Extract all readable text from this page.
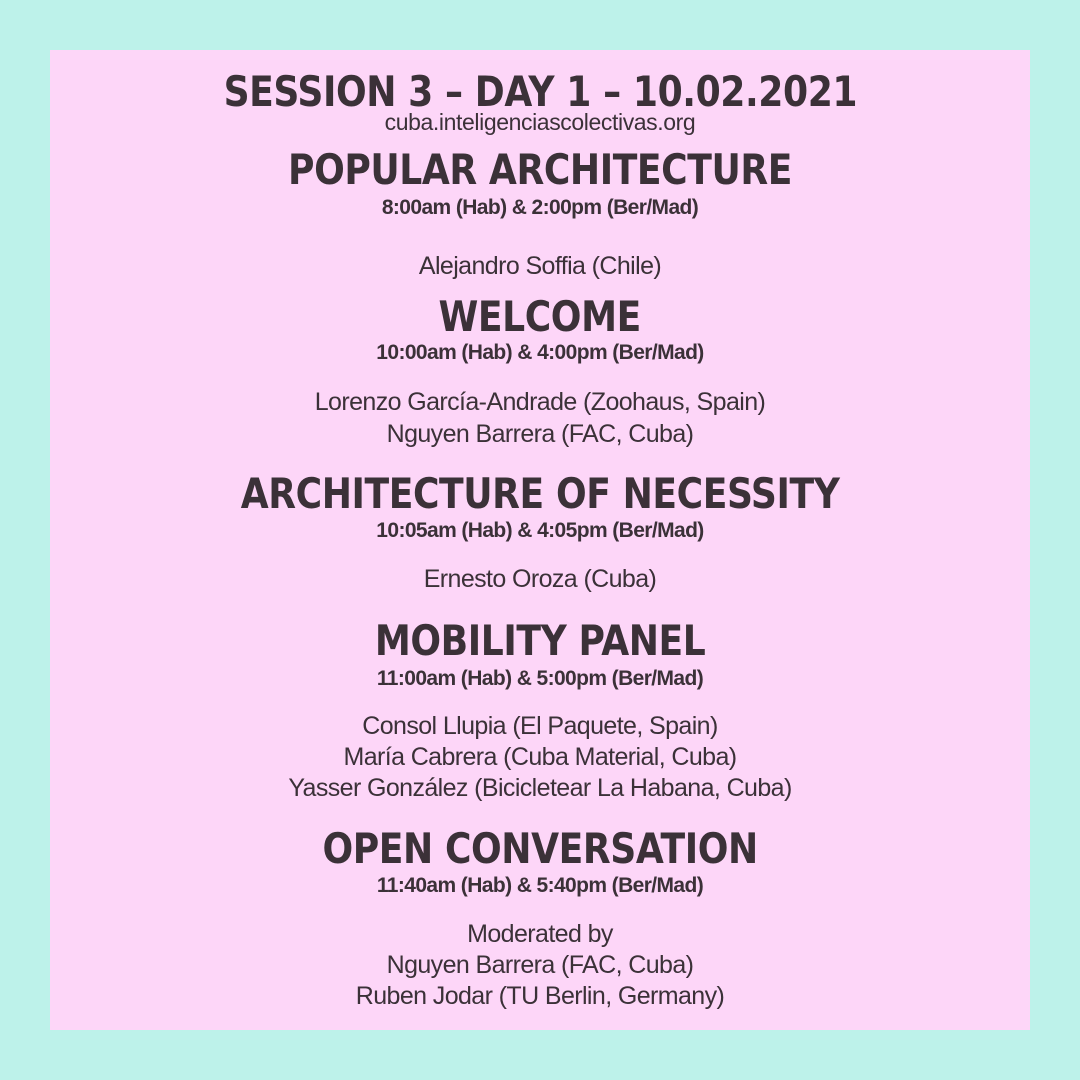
SESSION 3 – DAY 1 – 10.02.2021
cuba.inteligenciascolectivas.org
POPULAR ARCHITECTURE
8:00am (Hab) & 2:00pm (Ber/Mad)
Alejandro Soffia (Chile)
WELCOME
10:00am (Hab) & 4:00pm (Ber/Mad)
Lorenzo García-Andrade (Zoohaus, Spain)
Nguyen Barrera (FAC, Cuba)
ARCHITECTURE OF NECESSITY
10:05am (Hab) & 4:05pm (Ber/Mad)
Ernesto Oroza (Cuba)
MOBILITY PANEL
11:00am (Hab) & 5:00pm (Ber/Mad)
Consol Llupia (El Paquete, Spain)
María Cabrera (Cuba Material, Cuba)
Yasser González (Bicicletear La Habana, Cuba)
OPEN CONVERSATION
11:40am (Hab) & 5:40pm (Ber/Mad)
Moderated by
Nguyen Barrera (FAC, Cuba)
Ruben Jodar (TU Berlin, Germany)
